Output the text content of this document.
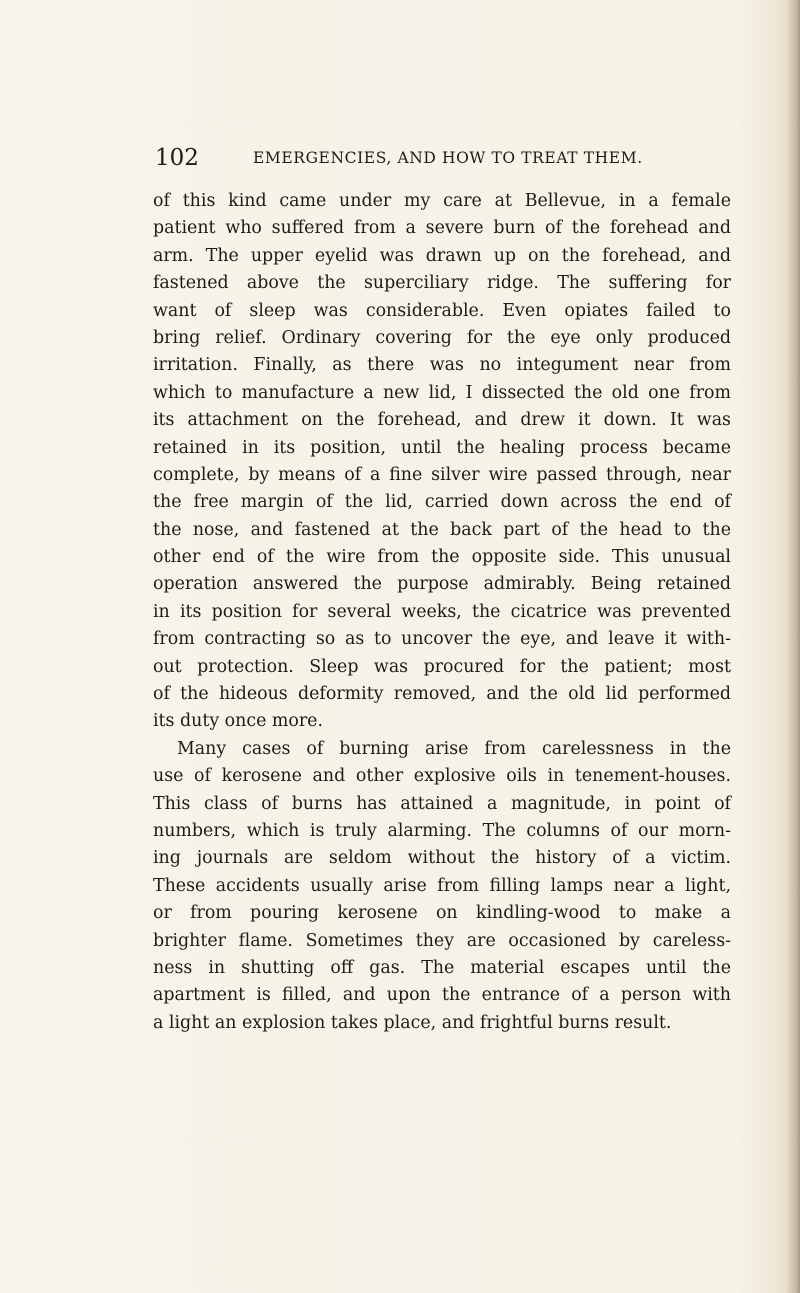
102	EMERGENCIES, AND HOW TO TREAT THEM.
of this kind came under my care at Bellevue, in a female
patient who suffered from a severe burn of the forehead and
arm. The upper eyelid was drawn up on the forehead, and
fastened above the superciliary ridge. The suffering for
want of sleep was considerable. Even opiates failed to
bring relief. Ordinary covering for the eye only produced
irritation. Finally, as there was no integument near from
which to manufacture a new lid, I dissected the old one from
its attachment on the forehead, and drew it down. It was
retained in its position, until the healing process became
complete, by means of a fine silver wire passed through, near
the free margin of the lid, carried down across the end of
the nose, and fastened at the back part of the head to the
other end of the wire from the opposite side. This unusual
operation answered the purpose admirably. Being retained
in its position for several weeks, the cicatrice was prevented
from contracting so as to uncover the eye, and leave it with-
out protection. Sleep was procured for the patient; most
of the hideous deformity removed, and the old lid performed
its duty once more.
Many cases of burning arise from carelessness in the
use of kerosene and other explosive oils in tenement-houses.
This class of burns has attained a magnitude, in point of
numbers, which is truly alarming. The columns of our morn-
ing journals are seldom without the history of a victim.
These accidents usually arise from filling lamps near a light,
or from pouring kerosene on kindling-wood to make a
brighter flame. Sometimes they are occasioned by careless-
ness in shutting off gas. The material escapes until the
apartment is filled, and upon the entrance of a person with
a light an explosion takes place, and frightful burns result.
